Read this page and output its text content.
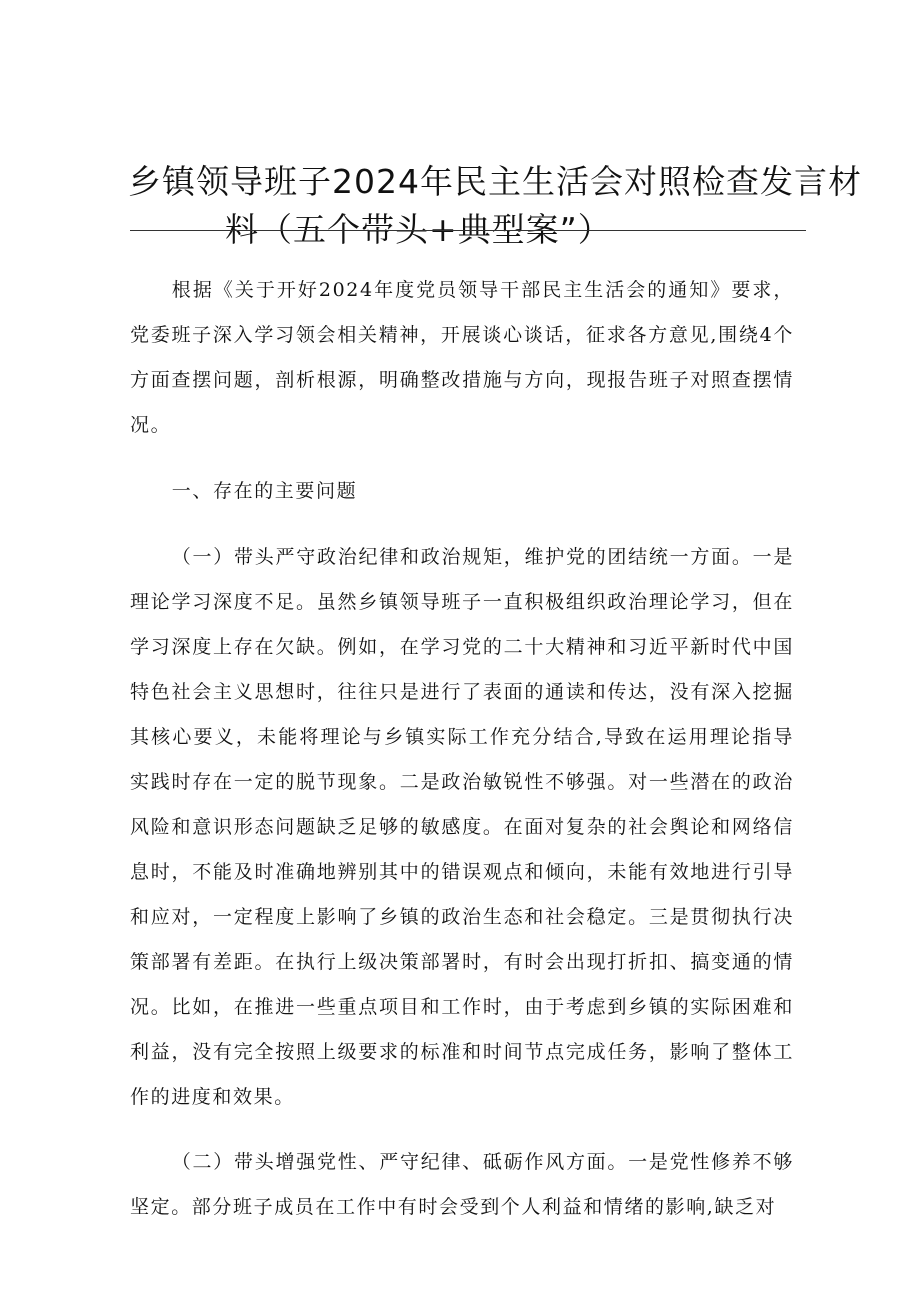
乡镇领导班子2024年民主生活会对照检查发言材
料（五个带头+典型案”）

根据《关于开好2024年度党员领导干部民主生活会的通知》要求，党委班子深入学习领会相关精神，开展谈心谈话，征求各方意见,围绕4个方面查摆问题，剖析根源，明确整改措施与方向，现报告班子对照查摆情况。

一、存在的主要问题

（一）带头严守政治纪律和政治规矩，维护党的团结统一方面。一是理论学习深度不足。虽然乡镇领导班子一直积极组织政治理论学习，但在学习深度上存在欠缺。例如，在学习党的二十大精神和习近平新时代中国特色社会主义思想时，往往只是进行了表面的通读和传达，没有深入挖掘其核心要义，未能将理论与乡镇实际工作充分结合,导致在运用理论指导实践时存在一定的脱节现象。二是政治敏锐性不够强。对一些潜在的政治风险和意识形态问题缺乏足够的敏感度。在面对复杂的社会舆论和网络信息时，不能及时准确地辨别其中的错误观点和倾向，未能有效地进行引导和应对，一定程度上影响了乡镇的政治生态和社会稳定。三是贯彻执行决策部署有差距。在执行上级决策部署时，有时会出现打折扣、搞变通的情况。比如，在推进一些重点项目和工作时，由于考虑到乡镇的实际困难和利益，没有完全按照上级要求的标准和时间节点完成任务，影响了整体工作的进度和效果。

（二）带头增强党性、严守纪律、砥砺作风方面。一是党性修养不够坚定。部分班子成员在工作中有时会受到个人利益和情绪的影响,缺乏对
